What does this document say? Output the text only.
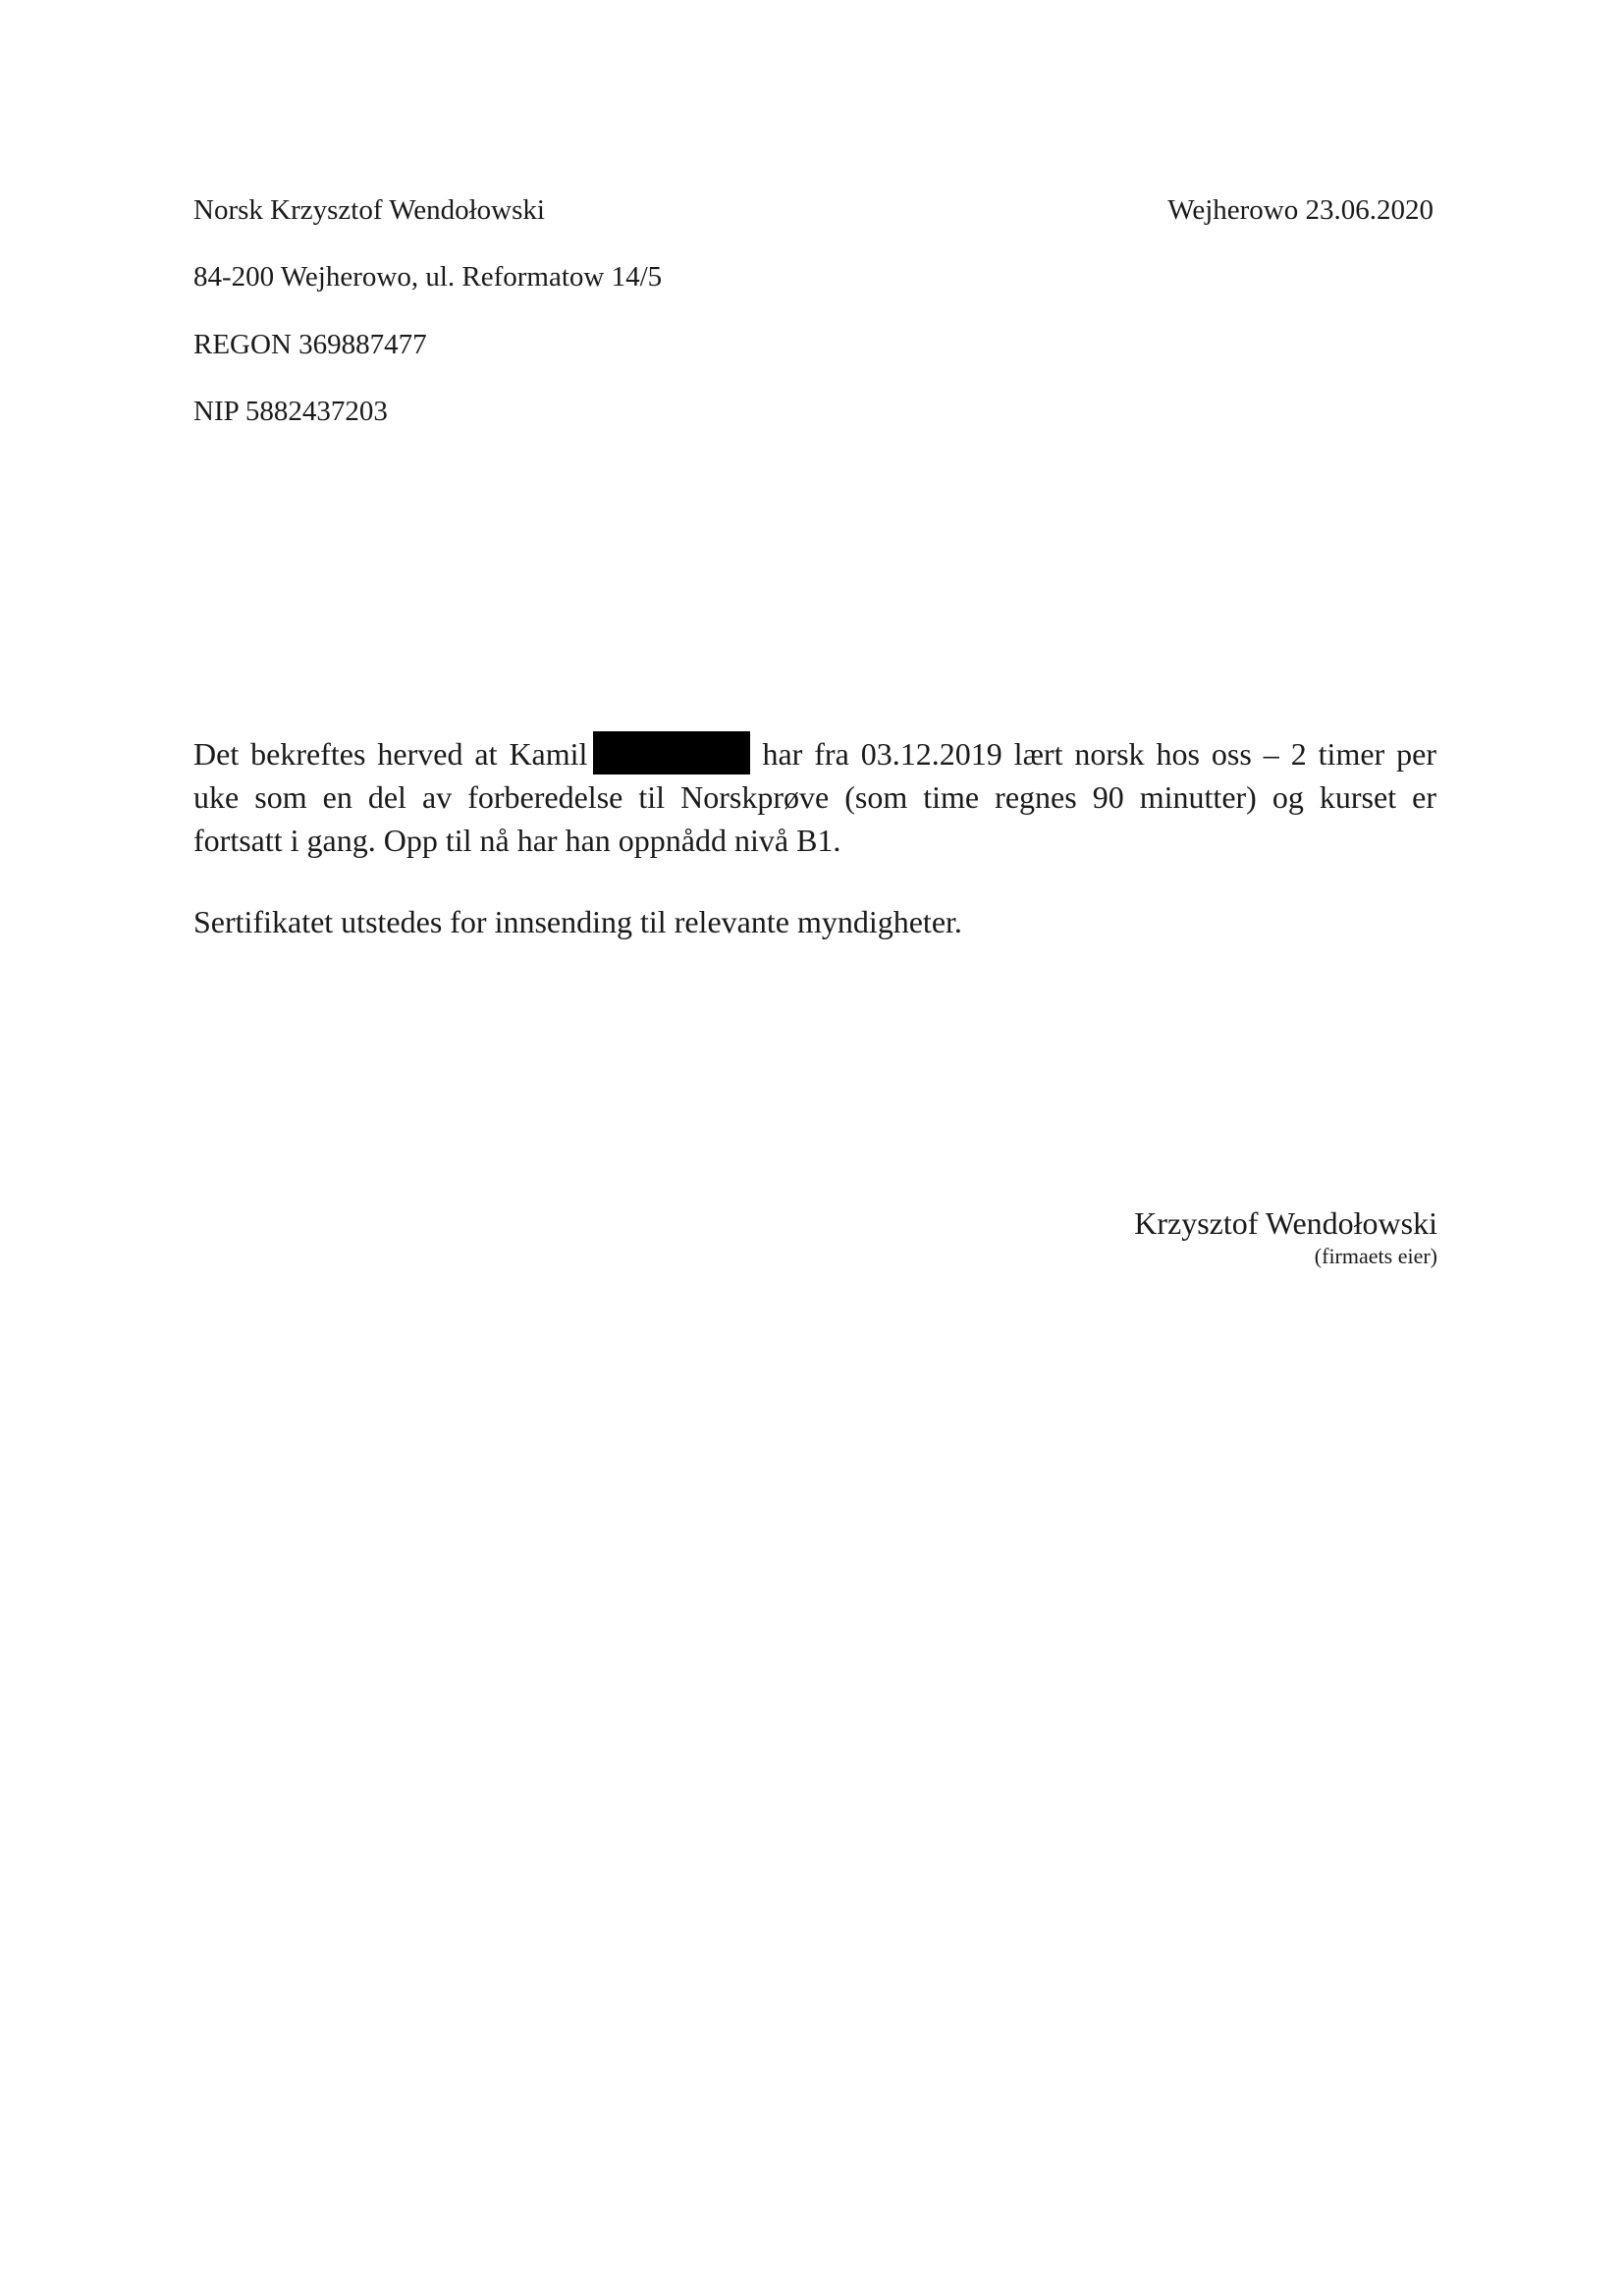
Norsk Krzysztof Wendołowski	Wejherowo 23.06.2020
84-200 Wejherowo, ul. Reformatow 14/5
REGON 369887477
NIP 5882437203
Det bekreftes herved at Kamil	har fra 03.12.2019 lært norsk hos oss – 2 timer per
uke som en del av forberedelse til Norskprøve (som time regnes 90 minutter) og kurset er
fortsatt i gang. Opp til nå har han oppnådd nivå B1.
Sertifikatet utstedes for innsending til relevante myndigheter.
Krzysztof Wendołowski
(firmaets eier)
